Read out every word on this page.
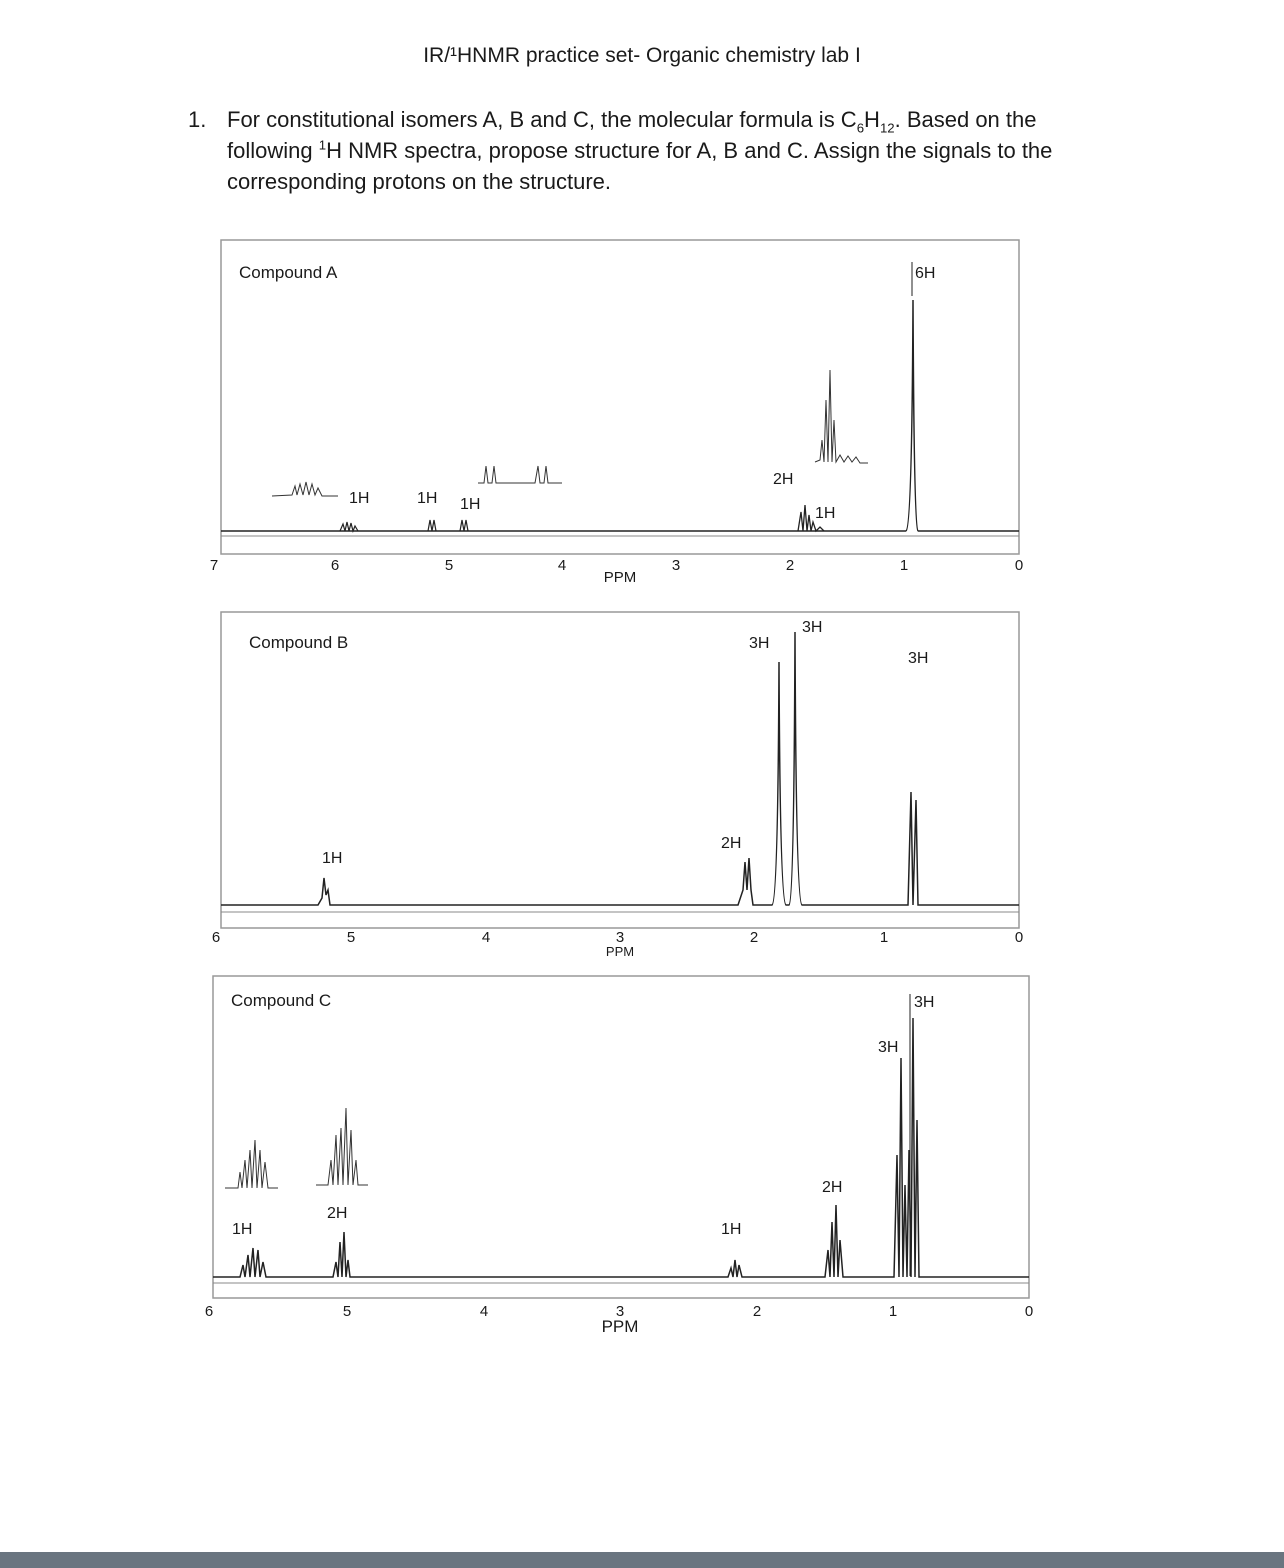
IR/¹HNMR practice set- Organic chemistry lab I
1. For constitutional isomers A, B and C, the molecular formula is $C_6H_{12}$. Based on the following $^1$H NMR spectra, propose structure for A, B and C. Assign the signals to the corresponding protons on the structure.
Compound A	6H
2H
1H
1H	1H 1H
7	6	5	4	3	2	1	0
PPM
Compound B
1H
2H
3H
3H
3H
6	5	4	3	2	1	0
PPM
Compound C
1H
2H
1H
2H
3H
3H
6	5	4	3	2	1	0
PPM
